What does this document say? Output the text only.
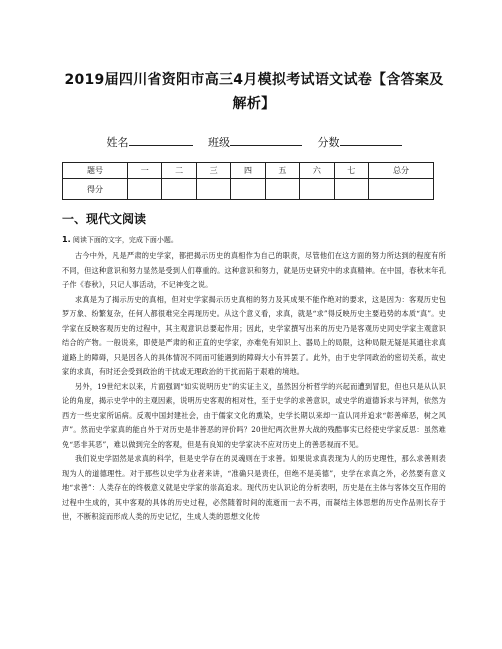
2019届四川省资阳市高三4月模拟考试语文试卷【含答案及解析】
姓名	班级	分数
题号	一	二	三	四	五	六	七	总分
得分								
一、现代文阅读

1. 阅读下面的文字，完成下面小题。

古今中外，凡是严肃的史学家，都把揭示历史的真相作为自己的职责，尽管他们在这方面的努力所达到的程度有所不同，但这种意识和努力显然是受到人们尊重的。这种意识和努力，就是历史研究中的求真精神。在中国，春秋末年孔子作《春秋》，只记人事活动，不记神变之说。

求真是为了揭示历史的真相，但对史学家揭示历史真相的努力及其成果不能作绝对的要求，这是因为：客观历史包罗万象、纷繁复杂，任何人都很难完全再现历史。从这个意义看，求真，就是“求”得反映历史主要趋势的本质“真”。史学家在反映客观历史的过程中，其主观意识总要起作用；因此，史学家撰写出来的历史乃是客观历史同史学家主观意识结合的产物。一般说来，即使是严肃的和正直的史学家，亦难免有知识上、器局上的局限，这种局限无疑是其通往求真道路上的障碍，只是因各人的具体情况不同而可能遇到的障碍大小有异罢了。此外，由于史学同政治的密切关系，故史家的求真，有时还会受到政治的干扰或无理政治的干扰而陷于艰难的境地。

另外，19世纪末以来，片面强调“如实说明历史”的实证主义，虽然因分析哲学的兴起而遭到冒犯，但也只是从认识论的角度，揭示史学中的主观因素，说明历史客观的相对性，至于史学的求善意识，或史学的道德诉求与评判，依然为西方一些史家所诟病。反观中国封建社会，由于儒家文化的熏染，史学长期以来却一直认同并追求“彰善瘅恶，树之风声”。然而史学家真的能自外于对历史是非善恶的评价吗？20世纪两次世界大战的残酷事实已经使史学家反思：虽然难免“恶非其恶”，难以做到完全的客观，但是有良知的史学家决不应对历史上的善恶视而不见。

我们说史学固然是求真的科学，但是史学存在的灵魂则在于求善。如果说求真表现为人的历史理性，那么求善则表现为人的道德理性。对于那些以史学为业者来讲，“准确只是责任，但绝不是美德”，史学在求真之外，必然要有意义地“求善”：人类存在的终极意义就是史学家的崇高追求。现代历史认识论的分析表明，历史是在主体与客体交互作用的过程中生成的，其中客观的具体的历史过程，必然随着时间的流逝而一去不再，而凝结主体思想的历史作品则长存于世，不断积淀而形成人类的历史记忆，生成人类的思想文化传
